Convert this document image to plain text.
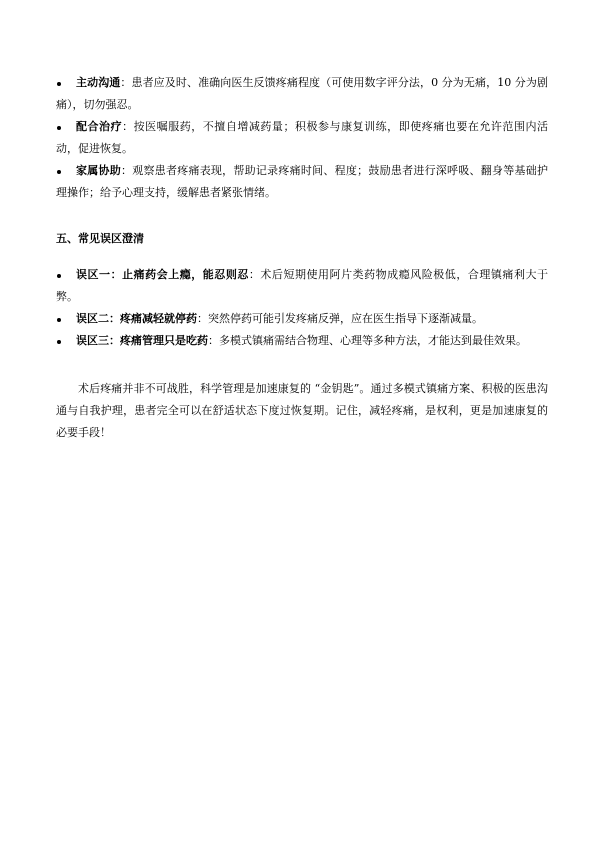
主动沟通：患者应及时、准确向医生反馈疼痛程度（可使用数字评分法，0 分为无痛，10 分为剧痛），切勿强忍。
配合治疗：按医嘱服药，不擅自增减药量；积极参与康复训练，即使疼痛也要在允许范围内活动，促进恢复。
家属协助：观察患者疼痛表现，帮助记录疼痛时间、程度；鼓励患者进行深呼吸、翻身等基础护理操作；给予心理支持，缓解患者紧张情绪。
五、常见误区澄清
误区一：止痛药会上瘾，能忍则忍：术后短期使用阿片类药物成瘾风险极低，合理镇痛利大于弊。
误区二：疼痛减轻就停药：突然停药可能引发疼痛反弹，应在医生指导下逐渐减量。
误区三：疼痛管理只是吃药：多模式镇痛需结合物理、心理等多种方法，才能达到最佳效果。

术后疼痛并非不可战胜，科学管理是加速康复的 “金钥匙”。通过多模式镇痛方案、积极的医患沟通与自我护理，患者完全可以在舒适状态下度过恢复期。记住，减轻疼痛，是权利，更是加速康复的必要手段！
